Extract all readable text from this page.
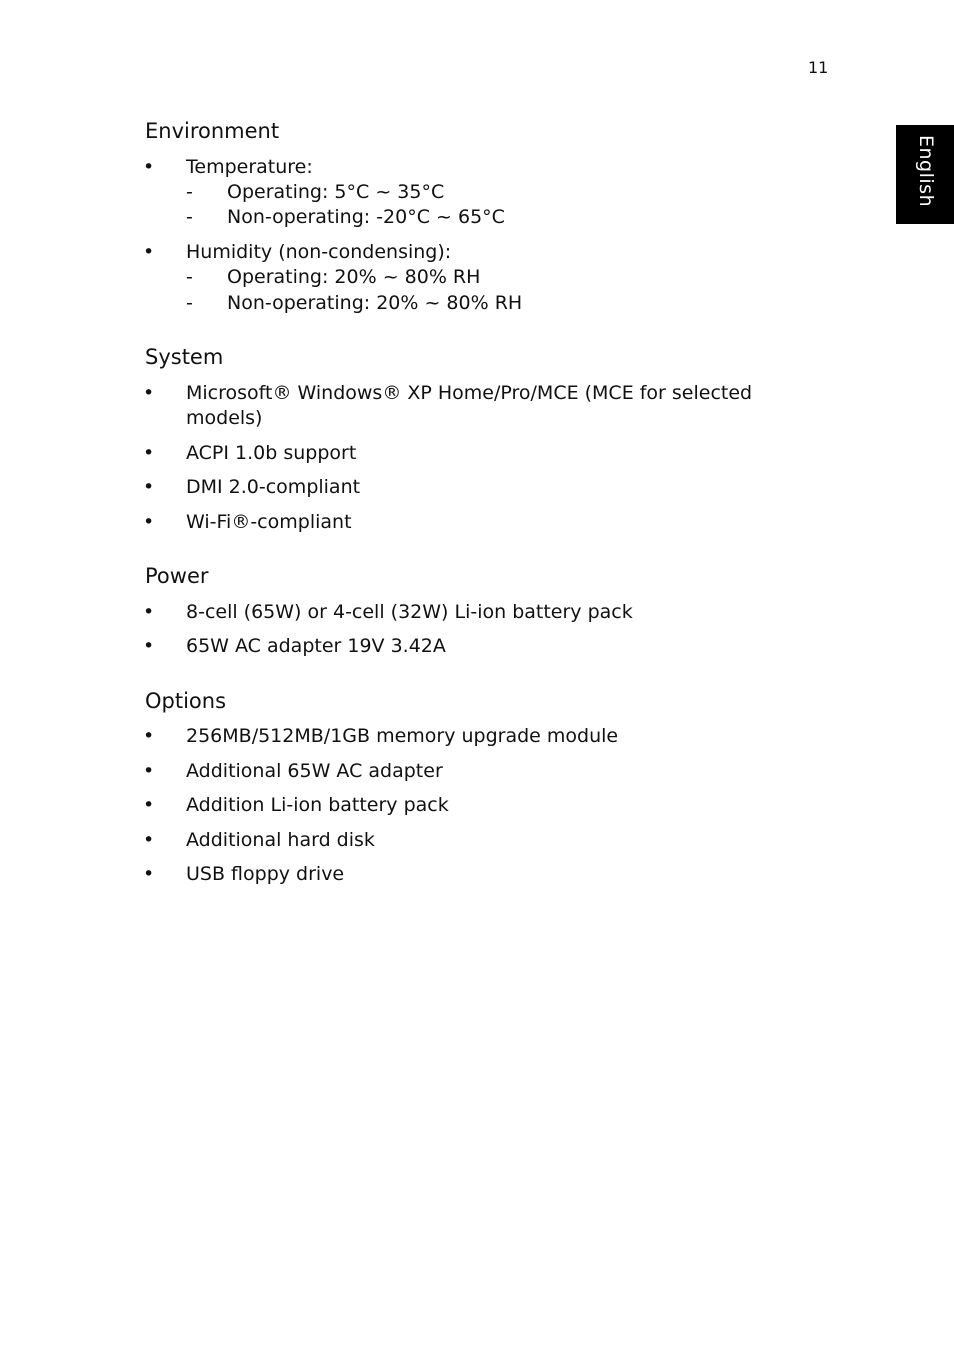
11
English
Environment
• Temperature:
- Operating: 5°C ~ 35°C
- Non-operating: -20°C ~ 65°C
• Humidity (non-condensing):
- Operating: 20% ~ 80% RH
- Non-operating: 20% ~ 80% RH
System
• Microsoft® Windows® XP Home/Pro/MCE (MCE for selected models)
• ACPI 1.0b support
• DMI 2.0-compliant
• Wi-Fi®-compliant
Power
• 8-cell (65W) or 4-cell (32W) Li-ion battery pack
• 65W AC adapter 19V 3.42A
Options
• 256MB/512MB/1GB memory upgrade module
• Additional 65W AC adapter
• Addition Li-ion battery pack
• Additional hard disk
• USB floppy drive
